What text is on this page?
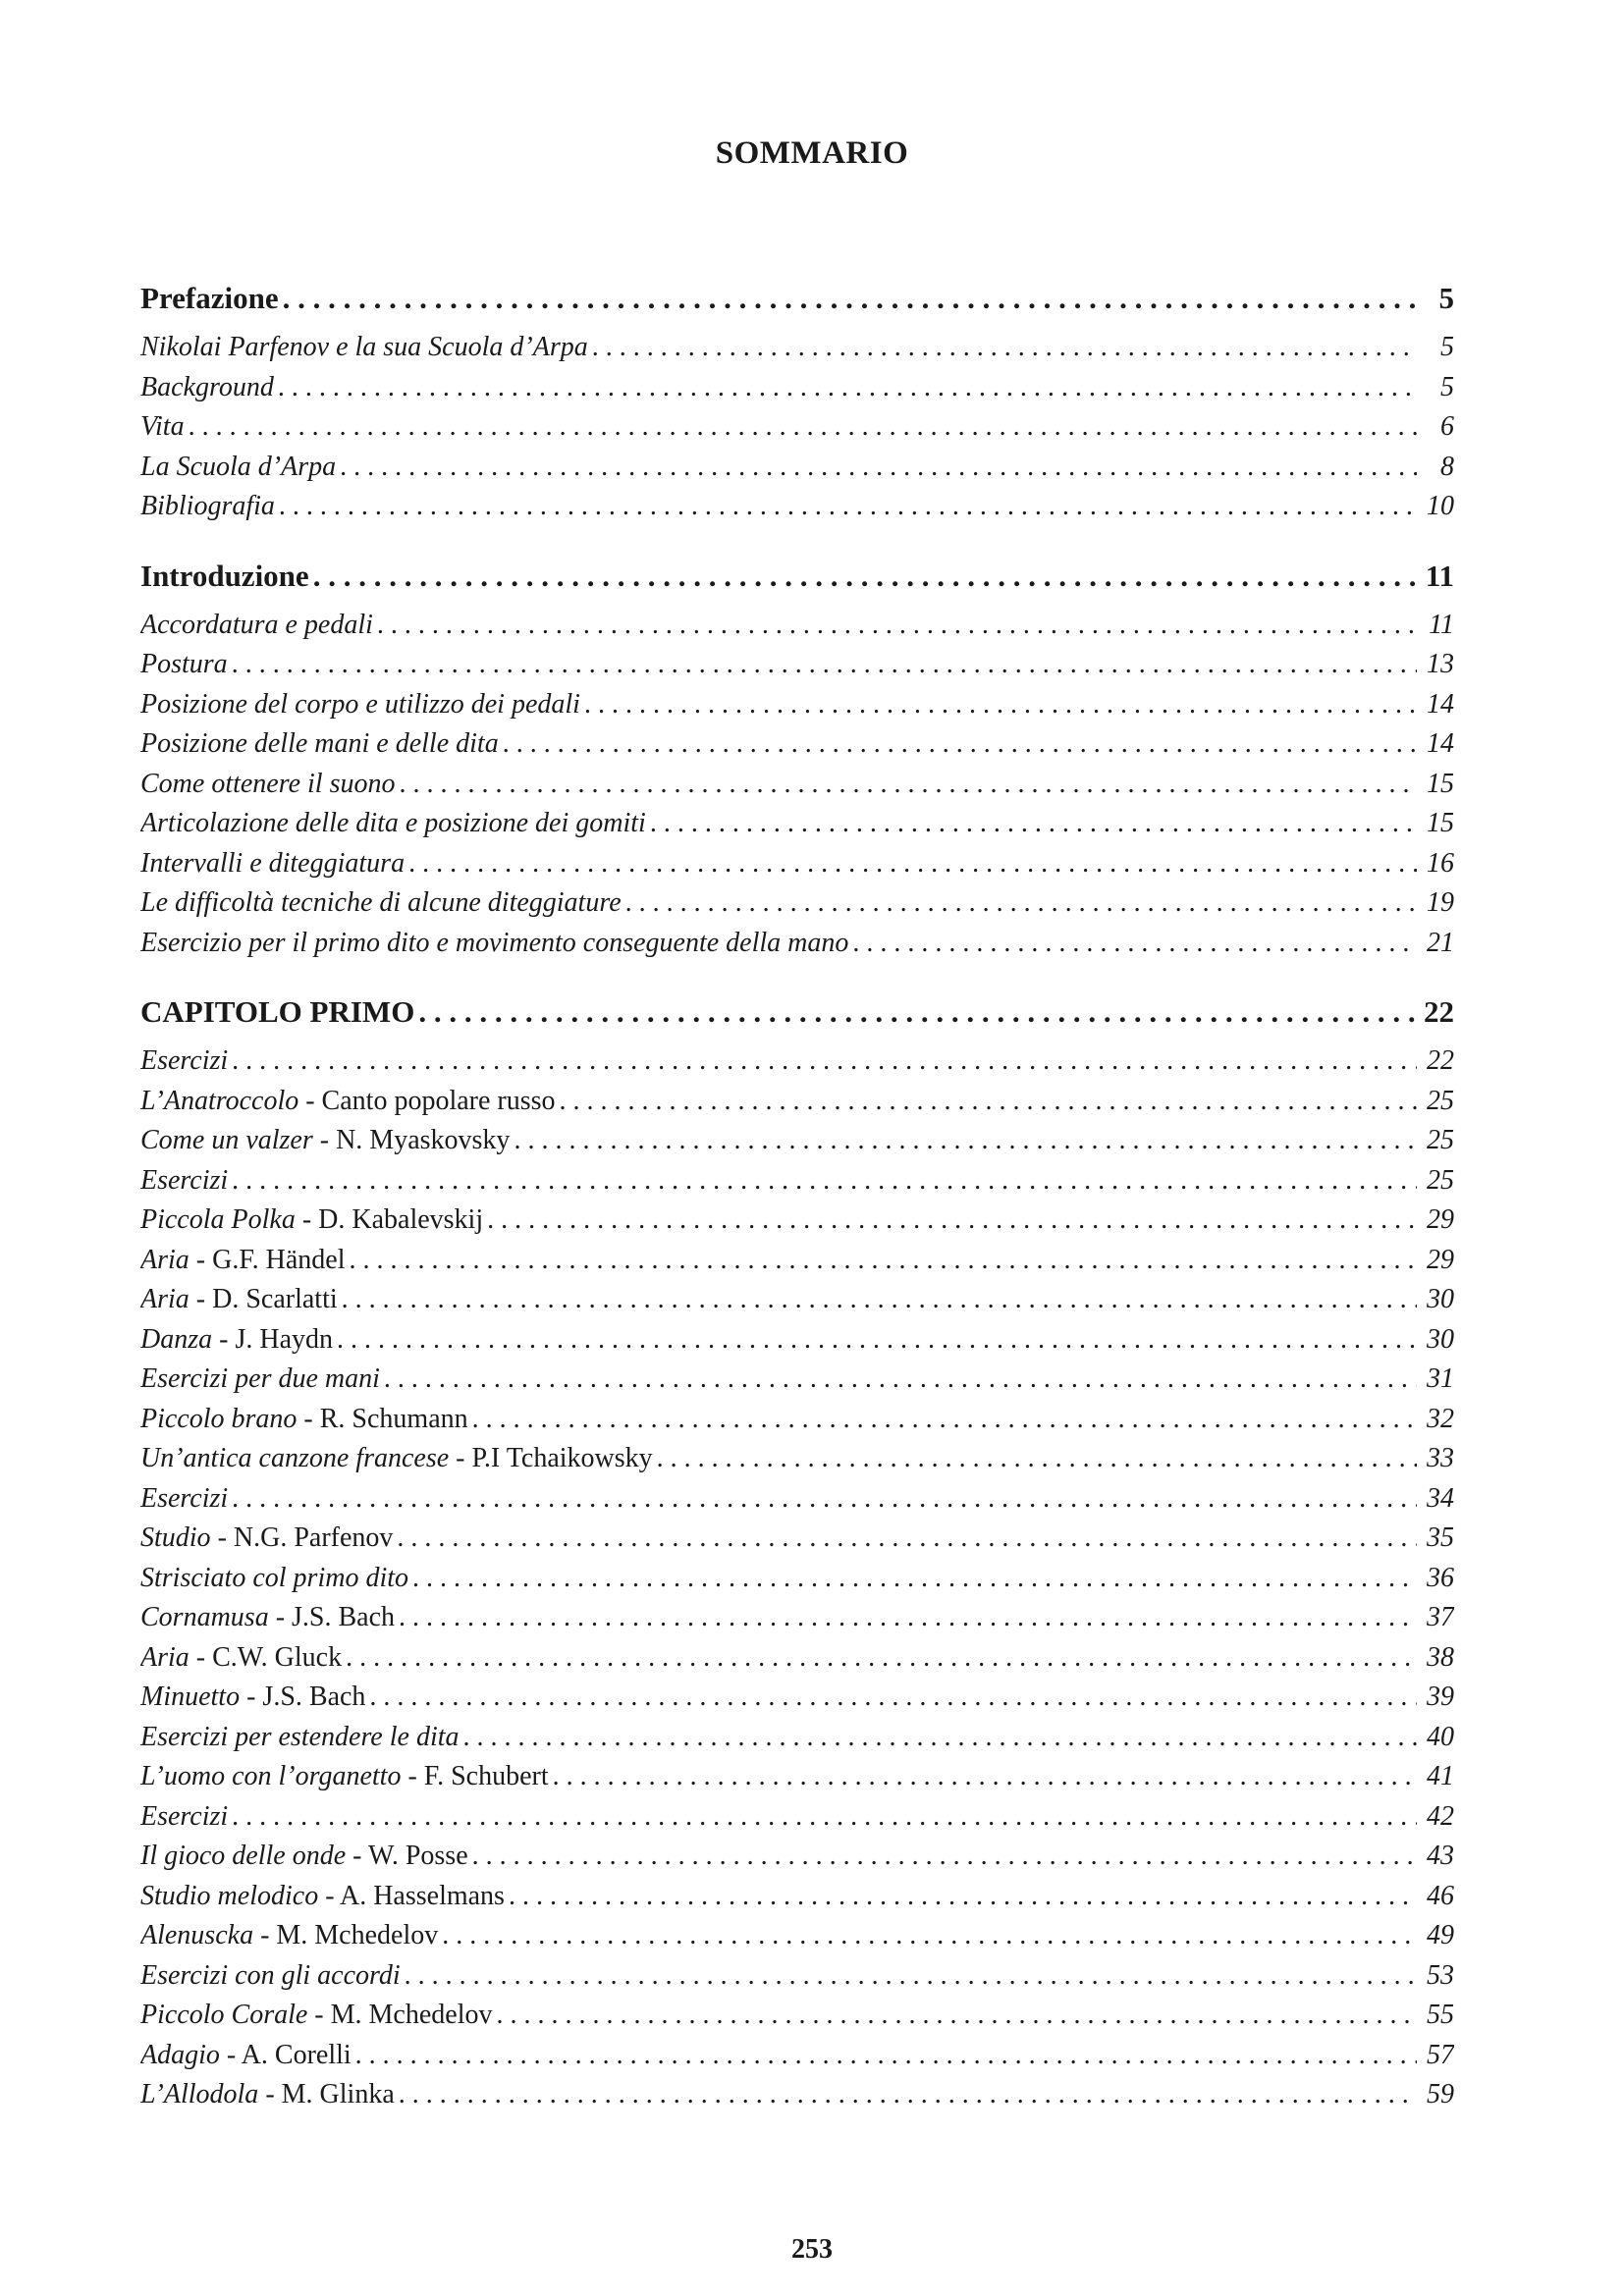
SOMMARIO
Prefazione . . .	5
Nikolai Parfenov e la sua Scuola d’Arpa . . .	5
Background . . .	5
Vita . . .	6
La Scuola d’Arpa . . .	8
Bibliografia . . .	10
Introduzione . . .	11
Accordatura e pedali . . .	11
Postura . . .	13
Posizione del corpo e utilizzo dei pedali . . .	14
Posizione delle mani e delle dita . . .	14
Come ottenere il suono . . .	15
Articolazione delle dita e posizione dei gomiti . . .	15
Intervalli e diteggiatura . . .	16
Le difficoltà tecniche di alcune diteggiature . . .	19
Esercizio per il primo dito e movimento conseguente della mano . . .	21
CAPITOLO PRIMO . . .	22
Esercizi . . .	22
L’Anatroccolo - Canto popolare russo . . .	25
Come un valzer - N. Myaskovsky . . .	25
Esercizi . . .	25
Piccola Polka - D. Kabalevskij . . .	29
Aria - G.F. Händel . . .	29
Aria - D. Scarlatti . . .	30
Danza - J. Haydn . . .	30
Esercizi per due mani . . .	31
Piccolo brano - R. Schumann . . .	32
Un’antica canzone francese - P.I Tchaikowsky . . .	33
Esercizi . . .	34
Studio - N.G. Parfenov . . .	35
Strisciato col primo dito . . .	36
Cornamusa - J.S. Bach . . .	37
Aria - C.W. Gluck . . .	38
Minuetto - J.S. Bach . . .	39
Esercizi per estendere le dita . . .	40
L’uomo con l’organetto - F. Schubert . . .	41
Esercizi . . .	42
Il gioco delle onde - W. Posse . . .	43
Studio melodico - A. Hasselmans . . .	46
Alenuscka - M. Mchedelov . . .	49
Esercizi con gli accordi . . .	53
Piccolo Corale - M. Mchedelov . . .	55
Adagio - A. Corelli . . .	57
L’Allodola - M. Glinka . . .	59
253
